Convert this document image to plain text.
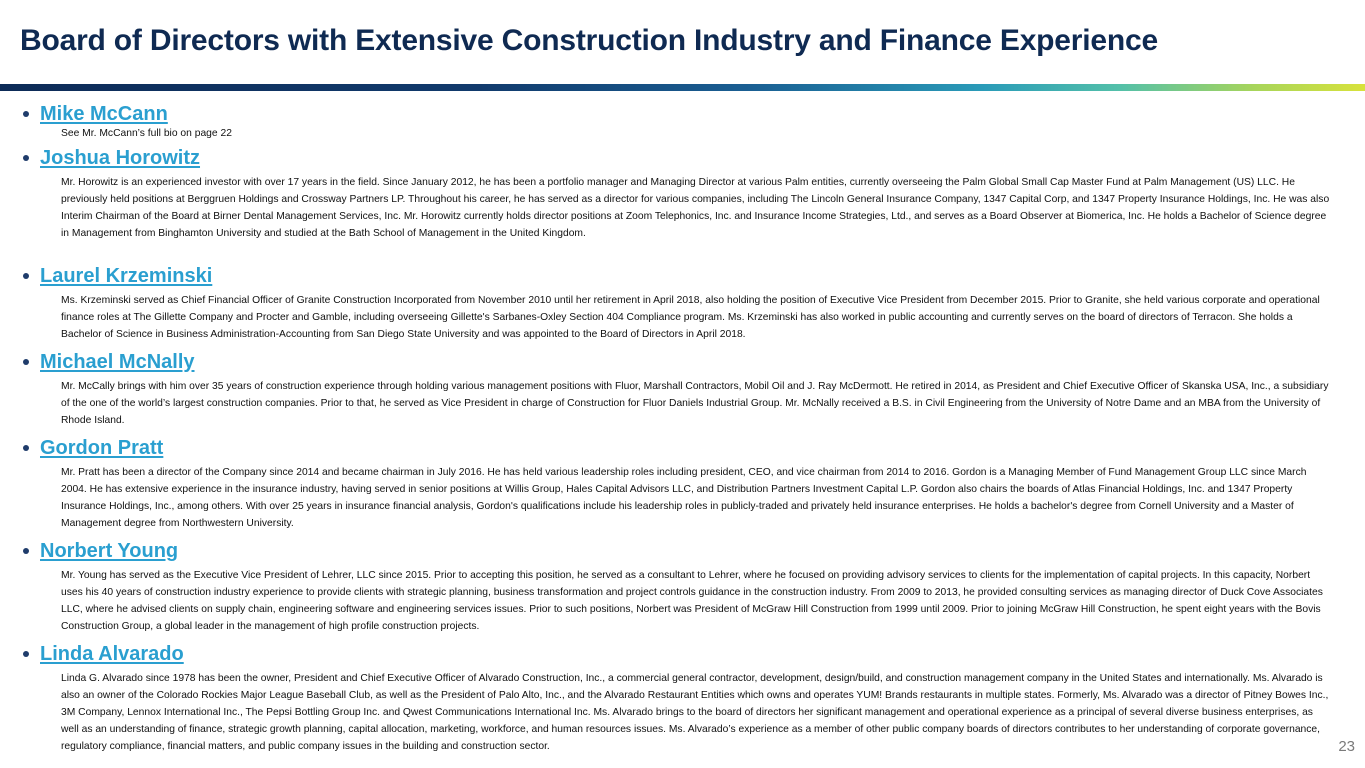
Board of Directors with Extensive Construction Industry and Finance Experience
Mike McCann
See Mr. McCann’s full bio on page 22
Joshua Horowitz
Mr. Horowitz is an experienced investor with over 17 years in the field. Since January 2012, he has been a portfolio manager and Managing Director at various Palm entities, currently overseeing the Palm Global Small Cap Master Fund at Palm Management (US) LLC. He previously held positions at Berggruen Holdings and Crossway Partners LP. Throughout his career, he has served as a director for various companies, including The Lincoln General Insurance Company, 1347 Capital Corp, and 1347 Property Insurance Holdings, Inc. He was also Interim Chairman of the Board at Birner Dental Management Services, Inc. Mr. Horowitz currently holds director positions at Zoom Telephonics, Inc. and Insurance Income Strategies, Ltd., and serves as a Board Observer at Biomerica, Inc. He holds a Bachelor of Science degree in Management from Binghamton University and studied at the Bath School of Management in the United Kingdom.
Laurel Krzeminski
Ms. Krzeminski served as Chief Financial Officer of Granite Construction Incorporated from November 2010 until her retirement in April 2018, also holding the position of Executive Vice President from December 2015. Prior to Granite, she held various corporate and operational finance roles at The Gillette Company and Procter and Gamble, including overseeing Gillette's Sarbanes-Oxley Section 404 Compliance program. Ms. Krzeminski has also worked in public accounting and currently serves on the board of directors of Terracon. She holds a Bachelor of Science in Business Administration-Accounting from San Diego State University and was appointed to the Board of Directors in April 2018.
Michael McNally
Mr. McCally brings with him over 35 years of construction experience through holding various management positions with Fluor, Marshall Contractors, Mobil Oil and J. Ray McDermott. He retired in 2014, as President and Chief Executive Officer of Skanska USA, Inc., a subsidiary of the one of the world’s largest construction companies. Prior to that, he served as Vice President in charge of Construction for Fluor Daniels Industrial Group. Mr. McNally received a B.S. in Civil Engineering from the University of Notre Dame and an MBA from the University of Rhode Island.
Gordon Pratt
Mr. Pratt has been a director of the Company since 2014 and became chairman in July 2016. He has held various leadership roles including president, CEO, and vice chairman from 2014 to 2016. Gordon is a Managing Member of Fund Management Group LLC since March 2004. He has extensive experience in the insurance industry, having served in senior positions at Willis Group, Hales Capital Advisors LLC, and Distribution Partners Investment Capital L.P. Gordon also chairs the boards of Atlas Financial Holdings, Inc. and 1347 Property Insurance Holdings, Inc., among others. With over 25 years in insurance financial analysis, Gordon's qualifications include his leadership roles in publicly-traded and privately held insurance enterprises. He holds a bachelor's degree from Cornell University and a Master of Management degree from Northwestern University.
Norbert Young
Mr. Young has served as the Executive Vice President of Lehrer, LLC since 2015. Prior to accepting this position, he served as a consultant to Lehrer, where he focused on providing advisory services to clients for the implementation of capital projects. In this capacity, Norbert uses his 40 years of construction industry experience to provide clients with strategic planning, business transformation and project controls guidance in the construction industry. From 2009 to 2013, he provided consulting services as managing director of Duck Cove Associates LLC, where he advised clients on supply chain, engineering software and engineering services issues. Prior to such positions, Norbert was President of McGraw Hill Construction from 1999 until 2009. Prior to joining McGraw Hill Construction, he spent eight years with the Bovis Construction Group, a global leader in the management of high profile construction projects.
Linda Alvarado
Linda G. Alvarado since 1978 has been the owner, President and Chief Executive Officer of Alvarado Construction, Inc., a commercial general contractor, development, design/build, and construction management company in the United States and internationally. Ms. Alvarado is also an owner of the Colorado Rockies Major League Baseball Club, as well as the President of Palo Alto, Inc., and the Alvarado Restaurant Entities which owns and operates YUM! Brands restaurants in multiple states. Formerly, Ms. Alvarado was a director of Pitney Bowes Inc., 3M Company, Lennox International Inc., The Pepsi Bottling Group Inc. and Qwest Communications International Inc. Ms. Alvarado brings to the board of directors her significant management and operational experience as a principal of several diverse business enterprises, as well as an understanding of finance, strategic growth planning, capital allocation, marketing, workforce, and human resources issues. Ms. Alvarado’s experience as a member of other public company boards of directors contributes to her understanding of corporate governance, regulatory compliance, financial matters, and public company issues in the building and construction sector.	23
